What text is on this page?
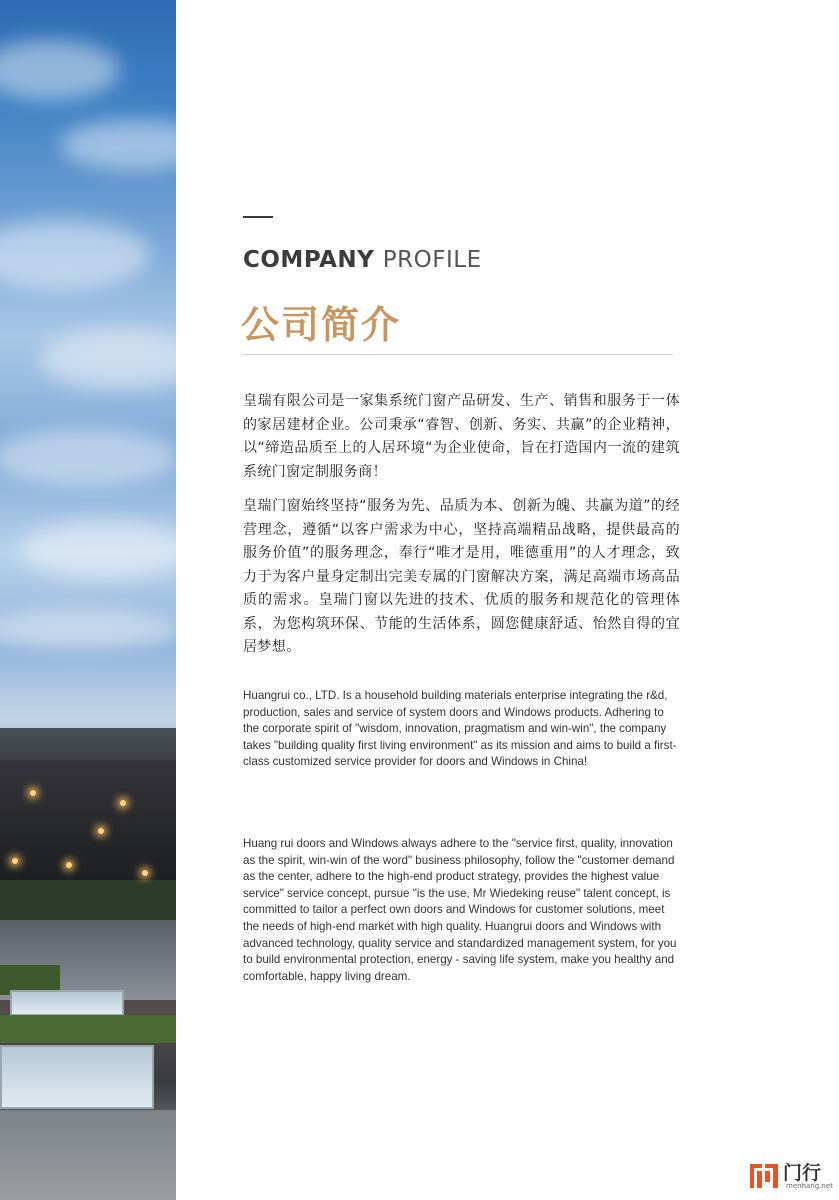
COMPANY PROFILE
公司简介

皇瑞有限公司是一家集系统门窗产品研发、生产、销售和服务于一体的家居建材企业。公司秉承“睿智、创新、务实、共赢”的企业精神，以“缔造品质至上的人居环境“为企业使命，旨在打造国内一流的建筑系统门窗定制服务商！

皇瑞门窗始终坚持“服务为先、品质为本、创新为魄、共赢为道”的经营理念，遵循“以客户需求为中心，坚持高端精品战略，提供最高的服务价值”的服务理念，奉行“唯才是用，唯德重用”的人才理念，致力于为客户量身定制出完美专属的门窗解决方案，满足高端市场高品质的需求。皇瑞门窗以先进的技术、优质的服务和规范化的管理体系，为您构筑环保、节能的生活体系，圆您健康舒适、怡然自得的宜居梦想。

Huangrui co., LTD. Is a household building materials enterprise integrating the r&d, production, sales and service of system doors and Windows products. Adhering to the corporate spirit of "wisdom, innovation, pragmatism and win-win", the company takes "building quality first living environment" as its mission and aims to build a first-class customized service provider for doors and Windows in China!

Huang rui doors and Windows always adhere to the "service first, quality, innovation as the spirit, win-win of the word" business philosophy, follow the "customer demand as the center, adhere to the high-end product strategy, provides the highest value service" service concept, pursue "is the use, Mr Wiedeking reuse" talent concept, is committed to tailor a perfect own doors and Windows for customer solutions, meet the needs of high-end market with high quality. Huangrui doors and Windows with advanced technology, quality service and standardized management system, for you to build environmental protection, energy - saving life system, make you healthy and comfortable, happy living dream.

门行
menhang.net
